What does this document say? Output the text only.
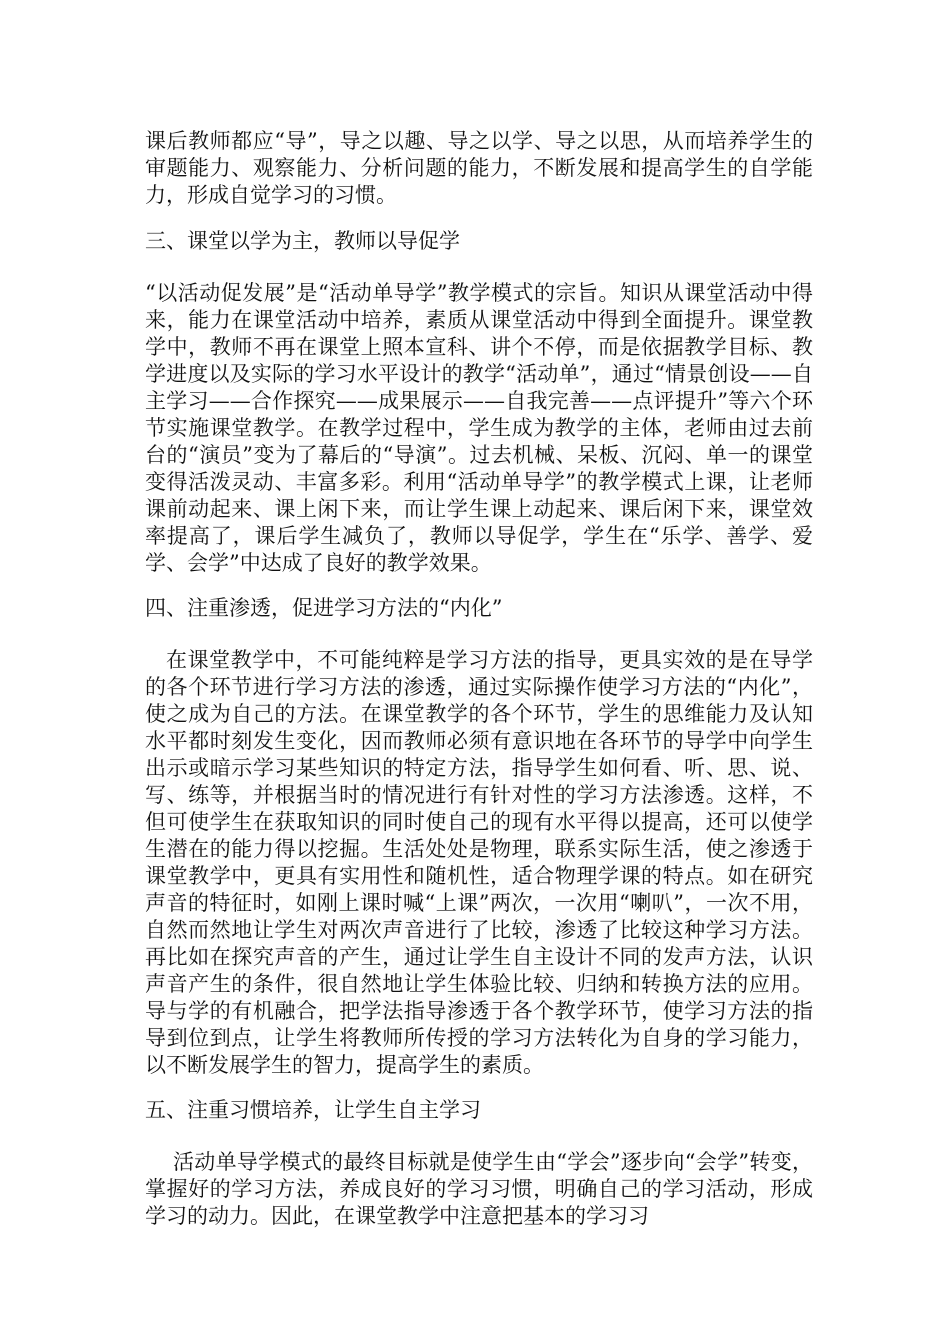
课后教师都应“导”，导之以趣、导之以学、导之以思，从而培养学生的审题能力、观察能力、分析问题的能力，不断发展和提高学生的自学能力，形成自觉学习的习惯。

三、课堂以学为主，教师以导促学

“以活动促发展”是“活动单导学”教学模式的宗旨。知识从课堂活动中得来，能力在课堂活动中培养，素质从课堂活动中得到全面提升。课堂教学中，教师不再在课堂上照本宣科、讲个不停，而是依据教学目标、教学进度以及实际的学习水平设计的教学“活动单”，通过“情景创设——自主学习——合作探究——成果展示——自我完善——点评提升”等六个环节实施课堂教学。在教学过程中，学生成为教学的主体，老师由过去前台的“演员”变为了幕后的“导演”。过去机械、呆板、沉闷、单一的课堂变得活泼灵动、丰富多彩。利用“活动单导学”的教学模式上课，让老师课前动起来、课上闲下来，而让学生课上动起来、课后闲下来，课堂效率提高了，课后学生减负了，教师以导促学，学生在“乐学、善学、爱学、会学”中达成了良好的教学效果。

四、注重渗透，促进学习方法的“内化”

在课堂教学中，不可能纯粹是学习方法的指导，更具实效的是在导学的各个环节进行学习方法的渗透，通过实际操作使学习方法的“内化”，使之成为自己的方法。在课堂教学的各个环节，学生的思维能力及认知水平都时刻发生变化，因而教师必须有意识地在各环节的导学中向学生出示或暗示学习某些知识的特定方法，指导学生如何看、听、思、说、写、练等，并根据当时的情况进行有针对性的学习方法渗透。这样，不但可使学生在获取知识的同时使自己的现有水平得以提高，还可以使学生潜在的能力得以挖掘。生活处处是物理，联系实际生活，使之渗透于课堂教学中，更具有实用性和随机性，适合物理学课的特点。如在研究声音的特征时，如刚上课时喊“上课”两次，一次用“喇叭”，一次不用，自然而然地让学生对两次声音进行了比较，渗透了比较这种学习方法。再比如在探究声音的产生，通过让学生自主设计不同的发声方法，认识声音产生的条件，很自然地让学生体验比较、归纳和转换方法的应用。导与学的有机融合，把学法指导渗透于各个教学环节，使学习方法的指导到位到点，让学生将教师所传授的学习方法转化为自身的学习能力，以不断发展学生的智力，提高学生的素质。

五、注重习惯培养，让学生自主学习

活动单导学模式的最终目标就是使学生由“学会”逐步向“会学”转变，掌握好的学习方法，养成良好的学习习惯，明确自己的学习活动，形成学习的动力。因此，在课堂教学中注意把基本的学习习
